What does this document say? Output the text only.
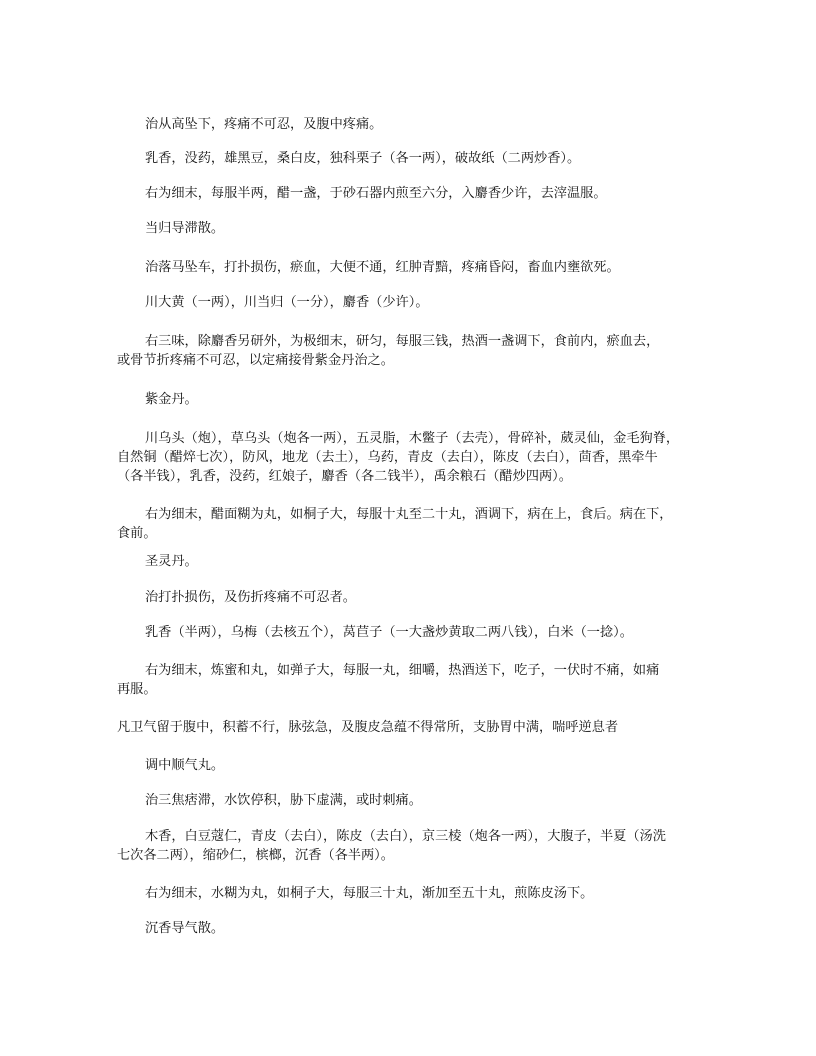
治从高坠下，疼痛不可忍，及腹中疼痛。

乳香，没药，雄黑豆，桑白皮，独科栗子（各一两），破故纸（二两炒香）。

右为细末，每服半两，醋一盏，于砂石器内煎至六分，入麝香少许，去滓温服。

当归导滞散。

治落马坠车，打扑损伤，瘀血，大便不通，红肿青黯，疼痛昏闷，畜血内壅欲死。

川大黄（一两），川当归（一分），麝香（少许）。

右三味，除麝香另研外，为极细末，研匀，每服三钱，热酒一盏调下，食前内，瘀血去，
或骨节折疼痛不可忍，以定痛接骨紫金丹治之。

紫金丹。

川乌头（炮），草乌头（炮各一两），五灵脂，木鳖子（去壳），骨碎补，葳灵仙，金毛狗脊，
自然铜（醋焠七次），防风，地龙（去土），乌药，青皮（去白），陈皮（去白），茴香，黑牵牛
（各半钱），乳香，没药，红娘子，麝香（各二钱半），禹余粮石（醋炒四两）。

右为细末，醋面糊为丸，如桐子大，每服十丸至二十丸，酒调下，病在上，食后。病在下，
食前。

圣灵丹。

治打扑损伤，及伤折疼痛不可忍者。

乳香（半两），乌梅（去核五个），莴苣子（一大盏炒黄取二两八钱），白米（一捻）。

右为细末，炼蜜和丸，如弹子大，每服一丸，细嚼，热酒送下，吃子，一伏时不痛，如痛
再服。

凡卫气留于腹中，积蓄不行，脉弦急，及腹皮急蕴不得常所，支胁胃中满，喘呼逆息者

调中顺气丸。

治三焦痞滞，水饮停积，胁下虚满，或时刺痛。

木香，白豆蔻仁，青皮（去白），陈皮（去白），京三棱（炮各一两），大腹子，半夏（汤洗
七次各二两），缩砂仁，槟榔，沉香（各半两）。

右为细末，水糊为丸，如桐子大，每服三十丸，渐加至五十丸，煎陈皮汤下。

沉香导气散。
